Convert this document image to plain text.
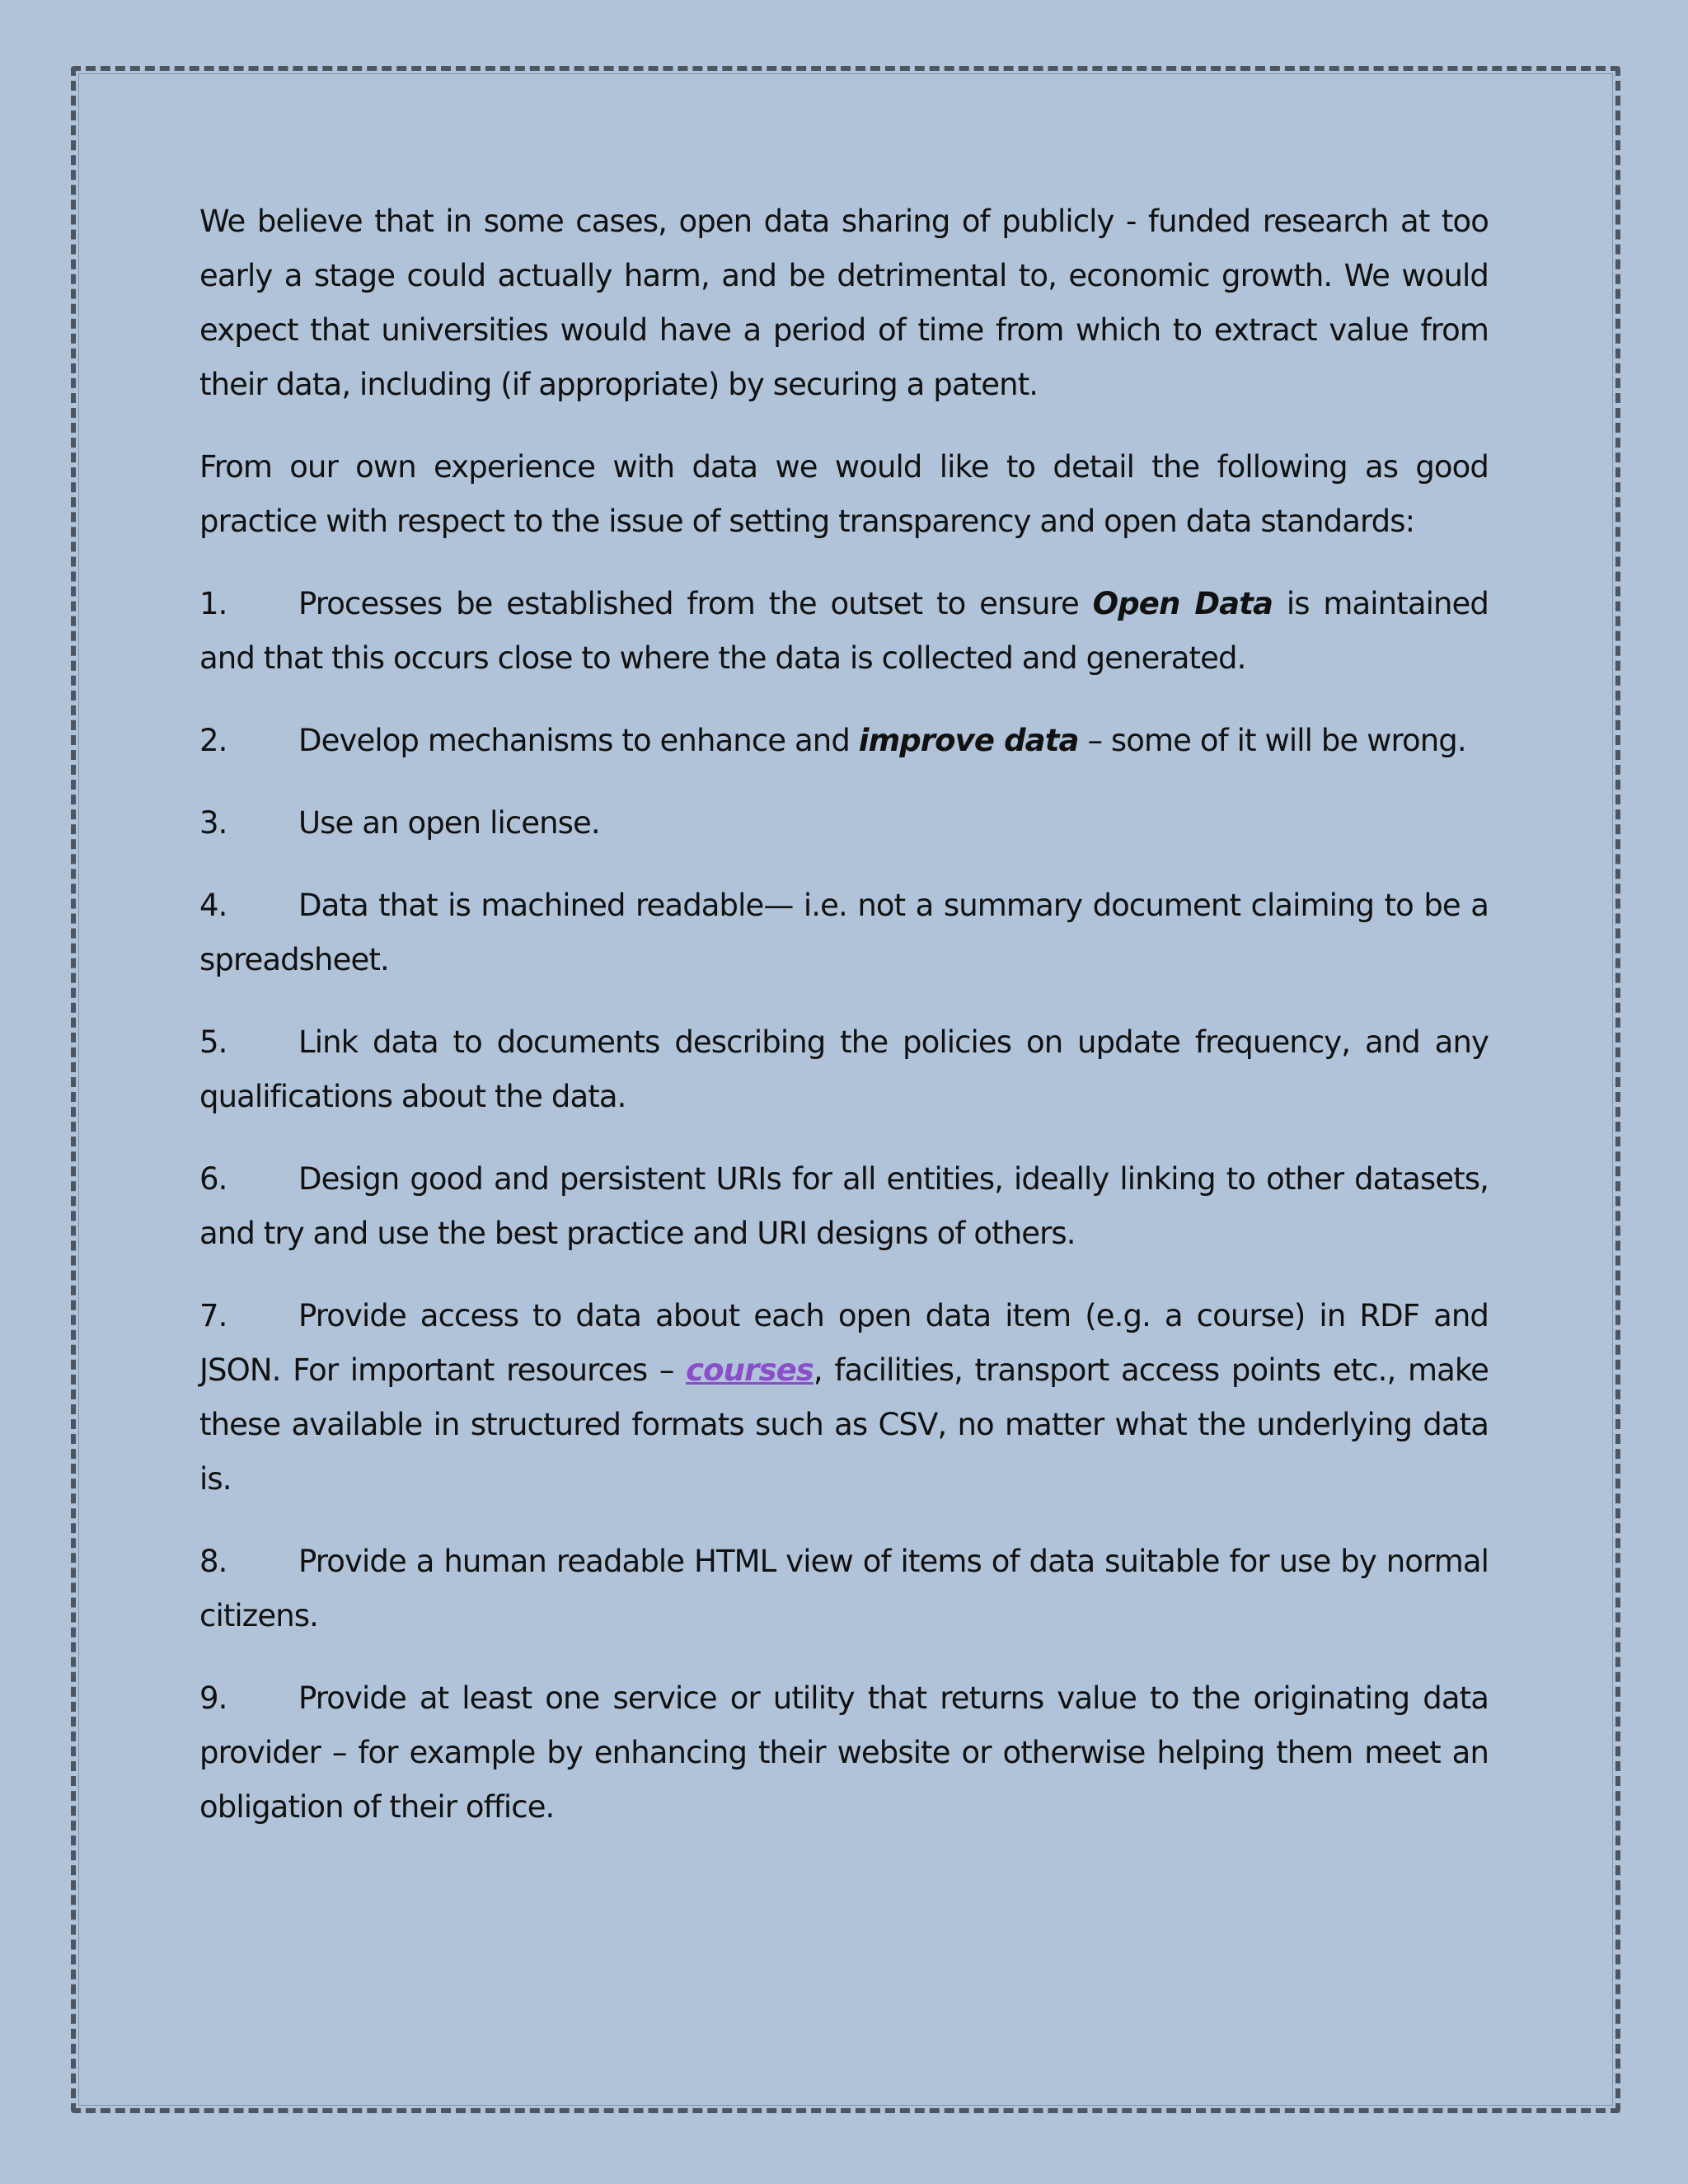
We believe that in some cases, open data sharing of publicly - funded research at too early a stage could actually harm, and be detrimental to, economic growth. We would expect that universities would have a period of time from which to extract value from their data, including (if appropriate) by securing a patent.

From our own experience with data we would like to detail the following as good practice with respect to the issue of setting transparency and open data standards:

1. Processes be established from the outset to ensure Open Data is maintained and that this occurs close to where the data is collected and generated.

2. Develop mechanisms to enhance and improve data – some of it will be wrong.

3. Use an open license.

4. Data that is machined readable— i.e. not a summary document claiming to be a spreadsheet.

5. Link data to documents describing the policies on update frequency, and any qualifications about the data.

6. Design good and persistent URIs for all entities, ideally linking to other datasets, and try and use the best practice and URI designs of others.

7. Provide access to data about each open data item (e.g. a course) in RDF and JSON. For important resources – courses, facilities, transport access points etc., make these available in structured formats such as CSV, no matter what the underlying data is.

8. Provide a human readable HTML view of items of data suitable for use by normal citizens.

9. Provide at least one service or utility that returns value to the originating data provider – for example by enhancing their website or otherwise helping them meet an obligation of their office.
